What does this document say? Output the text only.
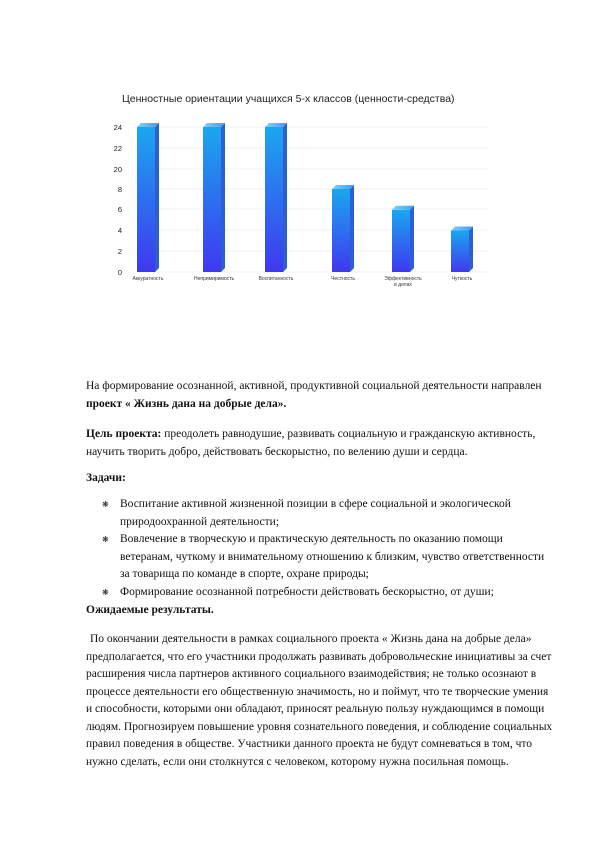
Ценностные ориентации учащихся 5-х классов (ценности-средства)
0
2
4
6
8
20
22
24
Аккуратность	Непримиримость	Воспитанность	Честность	Эффективность
в делах
Чуткость
На формирование осознанной, активной, продуктивной социальной деятельности направлен    проект « Жизнь дана на добрые дела».
Цель проекта: преодолеть равнодушие, развивать социальную и гражданскую активность, научить творить добро, действовать бескорыстно, по велению души и сердца.
Задачи:
❋ Воспитание активной жизненной позиции в сфере социальной и экологической природоохранной деятельности;
❋ Вовлечение в творческую и практическую деятельность по оказанию помощи ветеранам, чуткому и внимательному отношению к близким, чувство ответственности за товарища по команде в спорте, охране природы;
❋ Формирование осознанной потребности действовать бескорыстно, от души;
Ожидаемые результаты.
По окончании деятельности в рамках социального проекта « Жизнь дана на добрые дела» предполагается, что его участники продолжать развивать добровольческие инициативы за счет расширения числа партнеров активного социального взаимодействия; не только осознают в процессе деятельности его общественную значимость, но и поймут, что те творческие умения и способности, которыми они обладают, приносят реальную пользу нуждающимся в помощи людям. Прогнозируем повышение уровня сознательного поведения, и соблюдение социальных правил поведения в обществе. Участники данного проекта не будут сомневаться в том, что нужно сделать, если они столкнутся с человеком, которому нужна посильная помощь.
